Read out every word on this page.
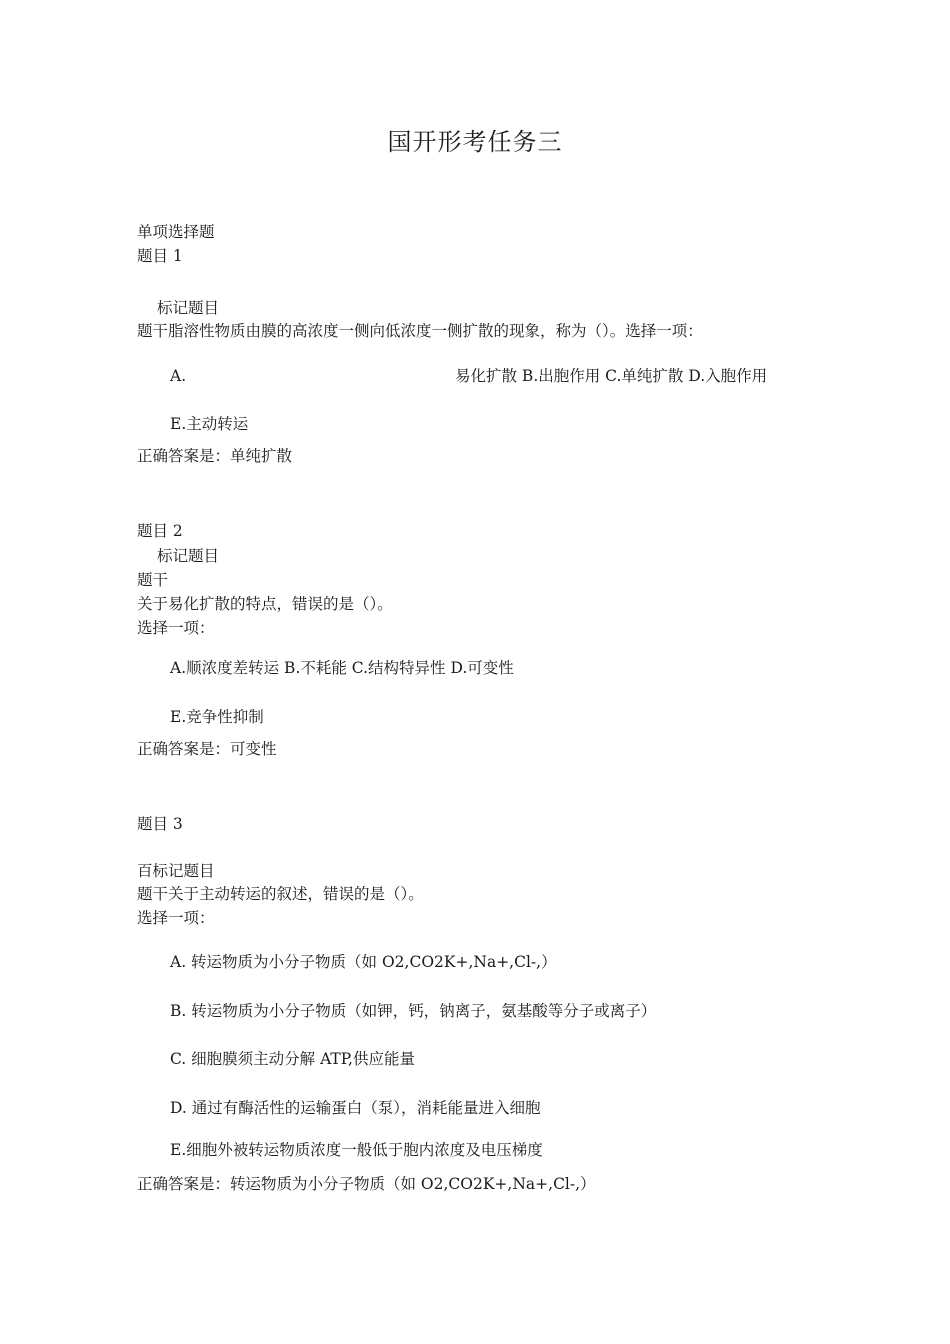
国开形考任务三
单项选择题
题目 1
标记题目
题干脂溶性物质由膜的高浓度一侧向低浓度一侧扩散的现象，称为（）。选择一项：
A.	易化扩散 B.出胞作用 C.单纯扩散 D.入胞作用
E.主动转运
正确答案是：单纯扩散
题目 2
标记题目
题干
关于易化扩散的特点，错误的是（）。
选择一项：
A.顺浓度差转运 B.不耗能 C.结构特异性 D.可变性
E.竞争性抑制
正确答案是：可变性
题目 3
百标记题目
题干关于主动转运的叙述，错误的是（）。
选择一项：
A. 转运物质为小分子物质（如 O2,CO2K+,Na+,Cl-,）
B. 转运物质为小分子物质（如钾，钙，钠离子，氨基酸等分子或离子）
C. 细胞膜须主动分解 ATP,供应能量
D. 通过有酶活性的运输蛋白（泵），消耗能量进入细胞
E.细胞外被转运物质浓度一般低于胞内浓度及电压梯度
正确答案是：转运物质为小分子物质（如 O2,CO2K+,Na+,Cl-,）
